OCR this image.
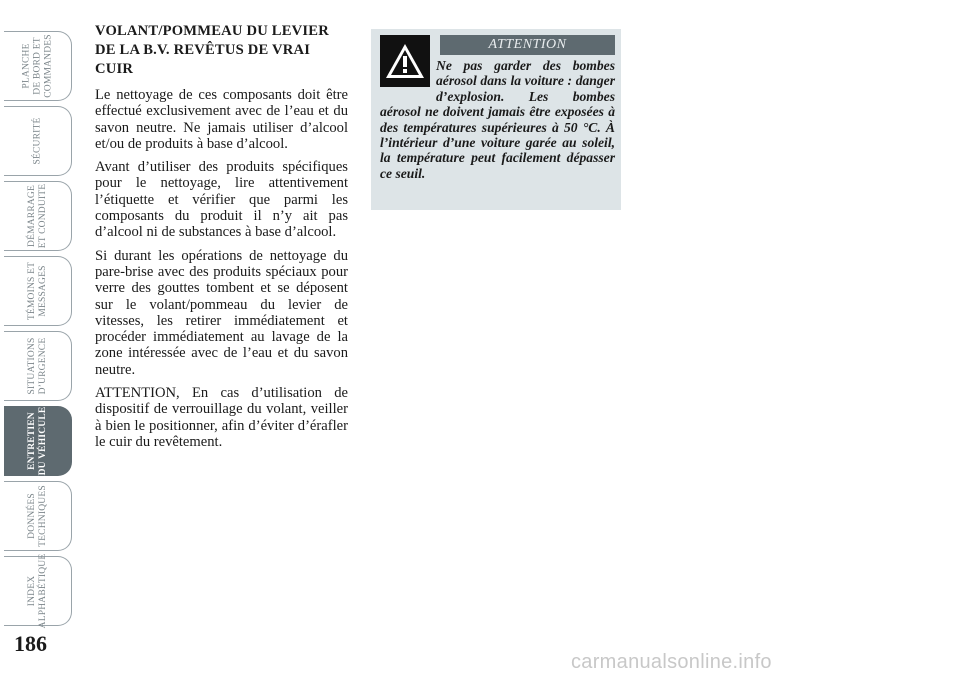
PLANCHE
DE BORD ET
COMMANDES
SÉCURITÉ
DÉMARRAGE
ET CONDUITE
TÉMOINS ET
MESSAGES
SITUATIONS
D’URGENCE
ENTRETIEN
DU VÉHICULE
DONNÉES
TECHNIQUES
INDEX
ALPHABÉTIQUE
186
VOLANT/POMMEAU DU LEVIER DE LA B.V. REVÊTUS DE VRAI CUIR

Le nettoyage de ces composants doit être effectué exclusivement avec de l’eau et du savon neutre. Ne jamais utiliser d’alcool et/ou de produits à base d’alcool.

Avant d’utiliser des produits spécifiques pour le nettoyage, lire attentivement l’étiquette et vérifier que parmi les composants du produit il n’y ait pas d’alcool ni de substances à base d’alcool.

Si durant les opérations de nettoyage du pare-brise avec des produits spéciaux pour verre des gouttes tombent et se déposent sur le volant/pommeau du levier de vitesses, les retirer immédiatement et procéder immédiatement au lavage de la zone intéressée avec de l’eau et du savon neutre.

ATTENTION, En cas d’utilisation de dispositif de verrouillage du volant, veiller à bien le positionner, afin d’éviter d’érafler le cuir du revêtement.

ATTENTION
Ne pas garder des bombes aérosol dans la voiture : danger d’explosion. Les bombes aérosol ne doivent jamais être exposées à des températures supérieures à 50 °C. À l’intérieur d’une voiture garée au soleil, la température peut facilement dépasser ce seuil.
carmanualsonline.info
